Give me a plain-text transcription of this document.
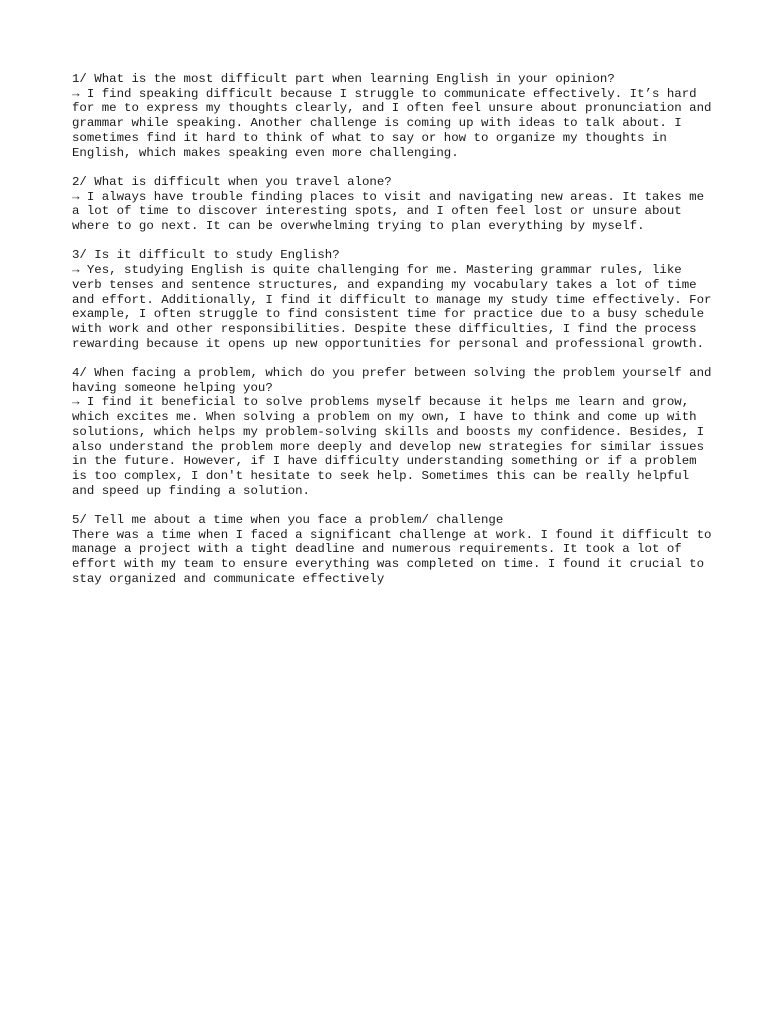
1/ What is the most difficult part when learning English in your opinion?

→ I find speaking difficult because I struggle to communicate effectively. It’s hard for me to express my thoughts clearly, and I often feel unsure about pronunciation and grammar while speaking. Another challenge is coming up with ideas to talk about. I sometimes find it hard to think of what to say or how to organize my thoughts in English, which makes speaking even more challenging.

2/ What is difficult when you travel alone?

→ I always have trouble finding places to visit and navigating new areas. It takes me a lot of time to discover interesting spots, and I often feel lost or unsure about where to go next. It can be overwhelming trying to plan everything by myself.

3/ Is it difficult to study English?

→ Yes, studying English is quite challenging for me. Mastering grammar rules, like verb tenses and sentence structures, and expanding my vocabulary takes a lot of time and effort. Additionally, I find it difficult to manage my study time effectively. For example, I often struggle to find consistent time for practice due to a busy schedule with work and other responsibilities. Despite these difficulties, I find the process rewarding because it opens up new opportunities for personal and professional growth.

4/ When facing a problem, which do you prefer between solving the problem yourself and having someone helping you?

→ I find it beneficial to solve problems myself because it helps me learn and grow, which excites me. When solving a problem on my own, I have to think and come up with solutions, which helps my problem-solving skills and boosts my confidence. Besides, I also understand the problem more deeply and develop new strategies for similar issues in the future. However, if I have difficulty understanding something or if a problem is too complex, I don't hesitate to seek help. Sometimes this can be really helpful and speed up finding a solution.

5/ Tell me about a time when you face a problem/ challenge

There was a time when I faced a significant challenge at work. I found it difficult to manage a project with a tight deadline and numerous requirements. It took a lot of effort with my team to ensure everything was completed on time. I found it crucial to stay organized and communicate effectively
